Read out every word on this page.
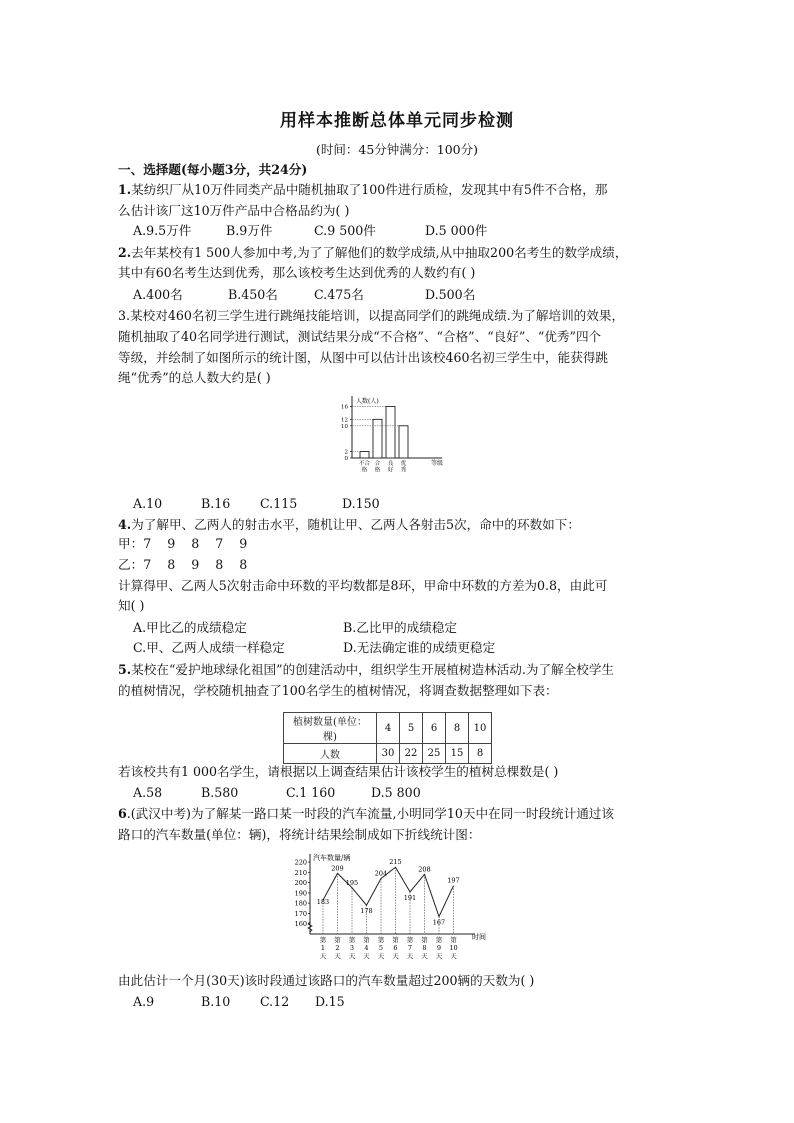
用样本推断总体单元同步检测
(时间：45分钟满分：100分)
一、选择题(每小题3分，共24分)
1.某纺织厂从10万件同类产品中随机抽取了100件进行质检，发现其中有5件不合格，那
么估计该厂这10万件产品中合格品约为( )
A.9.5万件	B.9万件	C.9 500件	D.5 000件
2.去年某校有1 500人参加中考,为了了解他们的数学成绩,从中抽取200名考生的数学成绩，
其中有60名考生达到优秀，那么该校考生达到优秀的人数约有( )
A.400名	B.450名	C.475名	D.500名
3.某校对460名初三学生进行跳绳技能培训，以提高同学们的跳绳成绩.为了解培训的效果，
随机抽取了40名同学进行测试，测试结果分成“不合格”、“合格”、“良好”、“优秀”四个
等级，并绘制了如图所示的统计图，从图中可以估计出该校460名初三学生中，能获得跳
绳“优秀”的总人数大约是( )
人数(人)
等级
0
2
10
12
16
不合格
合格
良好
优秀
A.10	B.16 C.115	D.150
4.为了解甲、乙两人的射击水平，随机让甲、乙两人各射击5次，命中的环数如下：
甲：7    9    8    7    9
乙：7    8    9    8    8
计算得甲、乙两人5次射击命中环数的平均数都是8环，甲命中环数的方差为0.8，由此可
知( )
A.甲比乙的成绩稳定	B.乙比甲的成绩稳定
C.甲、乙两人成绩一样稳定	D.无法确定谁的成绩更稳定
5.某校在“爱护地球绿化祖国”的创建活动中，组织学生开展植树造林活动.为了解全校学生
的植树情况，学校随机抽查了100名学生的植树情况，将调查数据整理如下表：
植树数量(单位：棵)	4	5	6	8	10
人数	30	22	25	15	8
若该校共有1 000名学生，请根据以上调查结果估计该校学生的植树总棵数是( )
A.58	B.580	C.1 160	D.5 800
6.(武汉中考)为了解某一路口某一时段的汽车流量,小明同学10天中在同一时段统计通过该
路口的汽车数量(单位：辆)，将统计结果绘制成如下折线统计图：
汽车数量/辆
时间
160
170
180
190
200
210
220
183
第 1 天
209
第 2 天
195
第 3 天
178
第 4 天
204
第 5 天
215
第 6 天
191
第 7 天
208
第 8 天
167
第 9 天
197
第 10 天
由此估计一个月(30天)该时段通过该路口的汽车数量超过200辆的天数为( )
A.9	B.10 C.12 D.15
